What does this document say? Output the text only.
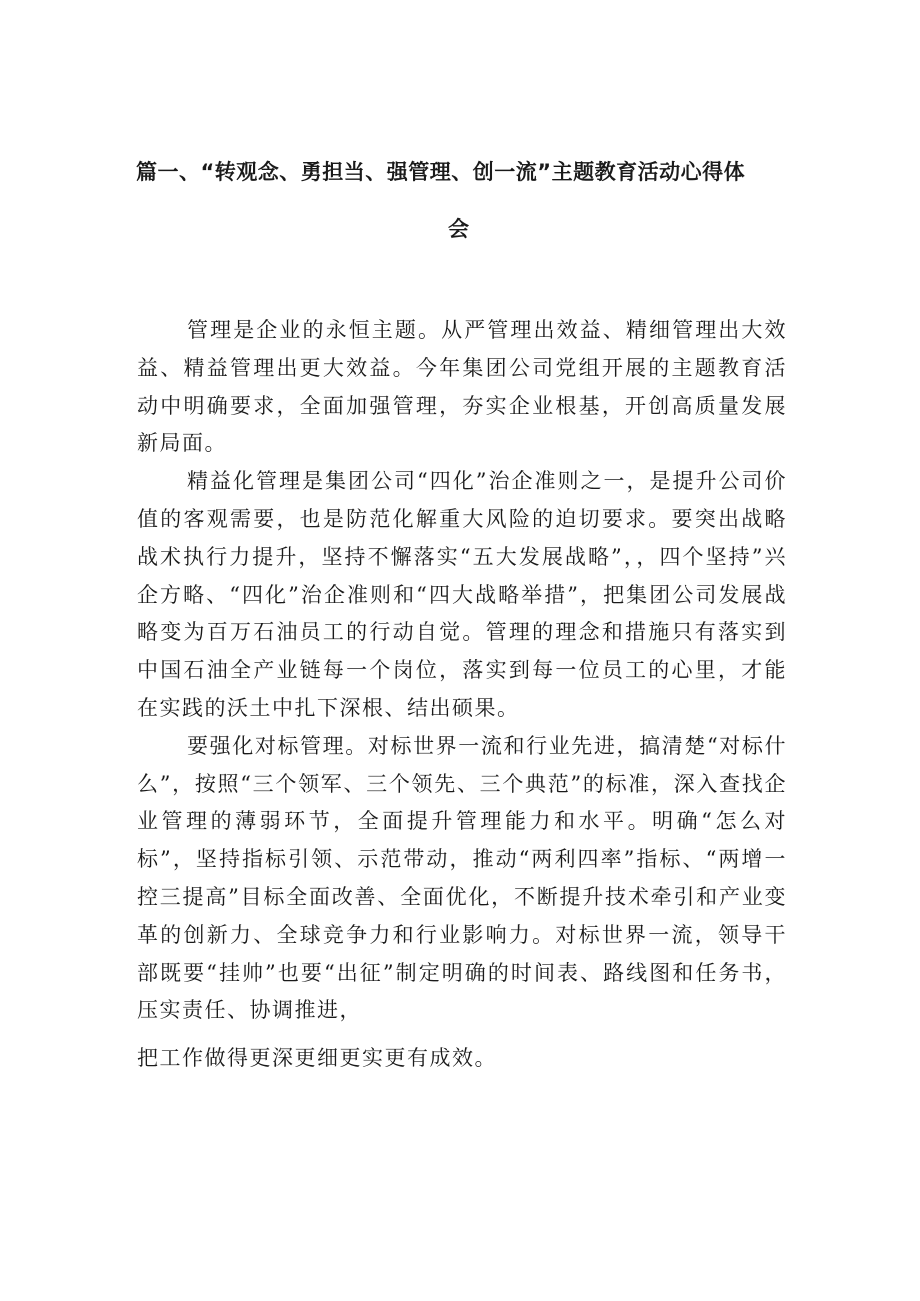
篇一、“转观念、勇担当、强管理、创一流”主题教育活动心得体
会

管理是企业的永恒主题。从严管理出效益、精细管理出大效益、精益管理出更大效益。今年集团公司党组开展的主题教育活动中明确要求，全面加强管理，夯实企业根基，开创高质量发展新局面。

精益化管理是集团公司“四化”治企准则之一，是提升公司价值的客观需要，也是防范化解重大风险的迫切要求。要突出战略战术执行力提升，坚持不懈落实“五大发展战略”，，四个坚持”兴企方略、“四化”治企准则和“四大战略举措”，把集团公司发展战略变为百万石油员工的行动自觉。管理的理念和措施只有落实到中国石油全产业链每一个岗位，落实到每一位员工的心里，才能在实践的沃土中扎下深根、结出硕果。

要强化对标管理。对标世界一流和行业先进，搞清楚“对标什么”，按照“三个领军、三个领先、三个典范”的标准，深入查找企业管理的薄弱环节，全面提升管理能力和水平。明确“怎么对标”，坚持指标引领、示范带动，推动“两利四率”指标、“两增一控三提高”目标全面改善、全面优化，不断提升技术牵引和产业变革的创新力、全球竞争力和行业影响力。对标世界一流，领导干部既要“挂帅”也要“出征”制定明确的时间表、路线图和任务书，压实责任、协调推进，

把工作做得更深更细更实更有成效。
